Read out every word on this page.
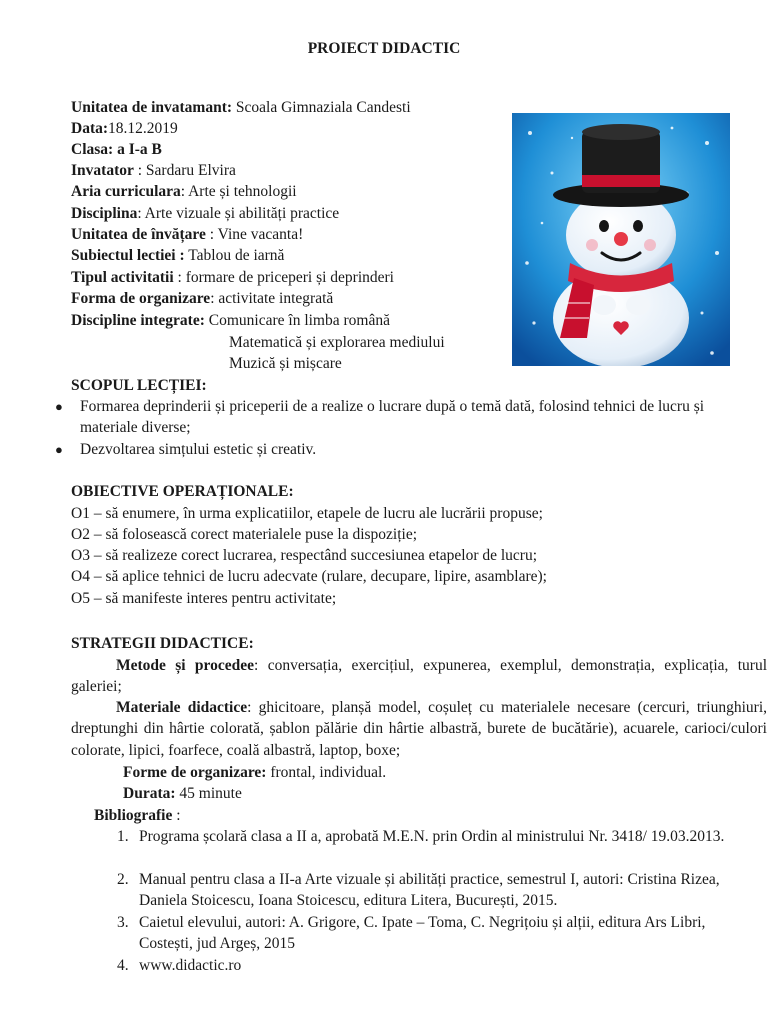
PROIECT DIDACTIC
Unitatea de invatamant: Scoala Gimnaziala Candesti
Data:18.12.2019
Clasa: a I-a B
Invatator : Sardaru Elvira
Aria curriculara: Arte și tehnologii
Disciplina: Arte vizuale și abilități practice
Unitatea de învățare : Vine vacanta!
Subiectul lectiei : Tablou de iarnă
Tipul activitatii : formare de priceperi și deprinderi
Forma de organizare: activitate integrată
Discipline integrate: Comunicare în limba română
Matematică și explorarea mediului
Muzică și mișcare
SCOPUL LECȚIEI:
● Formarea deprinderii și priceperii de a realize o lucrare după o temă dată, folosind tehnici de lucru și materiale diverse;
● Dezvoltarea simțului estetic și creativ.
OBIECTIVE OPERAȚIONALE:
O1 – să enumere, în urma explicatiilor, etapele de lucru ale lucrării propuse;
O2 – să folosească corect materialele puse la dispoziție;
O3 – să realizeze corect lucrarea, respectând succesiunea etapelor de lucru;
O4 – să aplice tehnici de lucru adecvate (rulare, decupare, lipire, asamblare);
O5 – să manifeste interes pentru activitate;
STRATEGII DIDACTICE:
Metode și procedee: conversația, exercițiul, expunerea, exemplul, demonstrația, explicația, turul galeriei;
Materiale didactice: ghicitoare, planșă model, coșuleț cu materialele necesare (cercuri, triunghiuri, dreptunghi din hârtie colorată, șablon pălărie din hârtie albastră, burete de bucătărie), acuarele, carioci/culori colorate, lipici, foarfece, coală albastră, laptop, boxe;
Forme de organizare: frontal, individual.
Durata: 45 minute
Bibliografie :
1. Programa școlară clasa a II a, aprobată M.E.N. prin Ordin al ministrului Nr. 3418/ 19.03.2013.
2. Manual pentru clasa a II-a Arte vizuale și abilități practice, semestrul I, autori: Cristina Rizea, Daniela Stoicescu, Ioana Stoicescu, editura Litera, București, 2015.
3. Caietul elevului, autori: A. Grigore, C. Ipate – Toma, C. Negrițoiu și alții, editura Ars Libri, Costești, jud Argeș, 2015
4. www.didactic.ro
